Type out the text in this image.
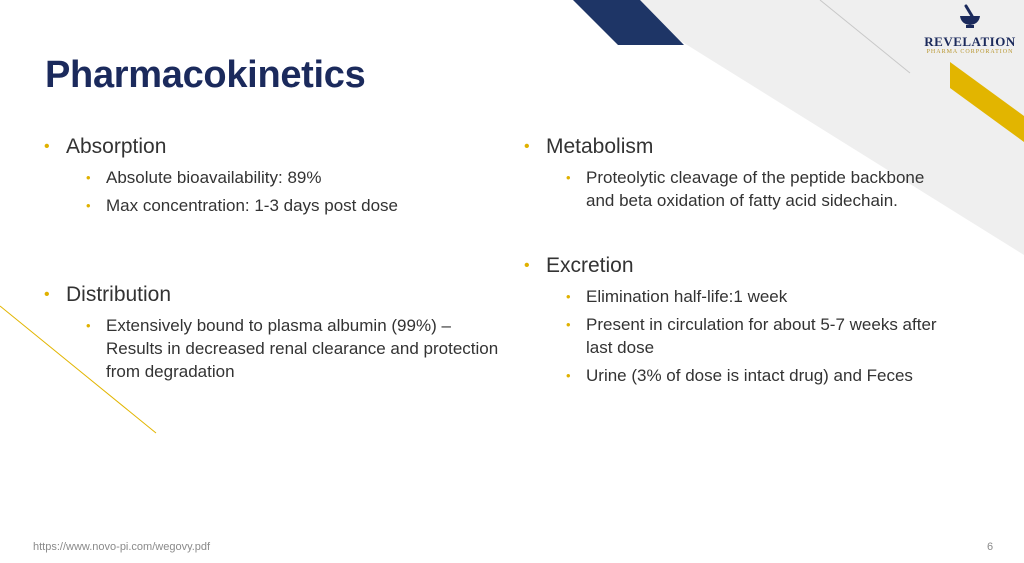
REVELATION
PHARMA CORPORATION
Pharmacokinetics
• Absorption
• Absolute bioavailability: 89%
• Max concentration: 1-3 days post dose
• Distribution
• Extensively bound to plasma albumin (99%) – Results in decreased renal clearance and protection from degradation
• Metabolism
• Proteolytic cleavage of the peptide backbone and beta oxidation of fatty acid sidechain.
• Excretion
• Elimination half-life:1 week
• Present in circulation for about 5-7 weeks after last dose
• Urine (3% of dose is intact drug) and Feces
https://www.novo-pi.com/wegovy.pdf	6
